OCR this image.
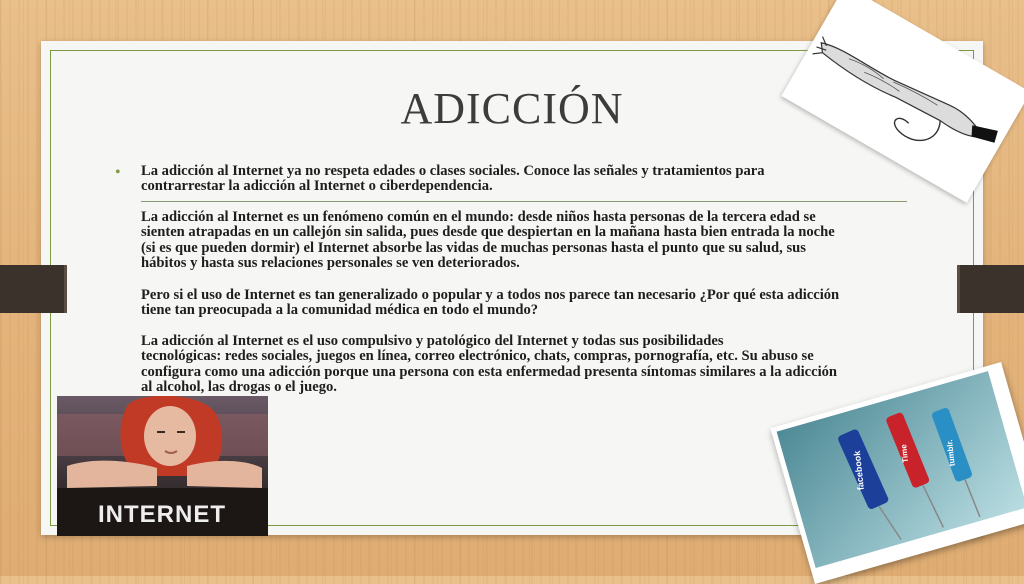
ADICCIÓN
• La adicción al Internet ya no respeta edades o clases sociales. Conoce las señales y tratamientos para
contrarrestar la adicción al Internet o ciberdependencia.

La adicción al Internet es un fenómeno común en el mundo: desde niños hasta personas de la tercera edad se
sienten atrapadas en un callejón sin salida, pues desde que despiertan en la mañana hasta bien entrada la noche
(si es que pueden dormir) el Internet absorbe las vidas de muchas personas hasta el punto que su salud, sus
hábitos y hasta sus relaciones personales se ven deteriorados.

Pero si el uso de Internet es tan generalizado o popular y a todos nos parece tan necesario ¿Por qué esta adicción
tiene tan preocupada a la comunidad médica en todo el mundo?

La adicción al Internet es el uso compulsivo y patológico del Internet y todas sus posibilidades
tecnológicas: redes sociales, juegos en línea, correo electrónico, chats, compras, pornografía, etc. Su abuso se
configura como una adicción porque una persona con esta enfermedad presenta síntomas similares a la adicción
al alcohol, las drogas o el juego.

INTERNET
facebook	Time	tumblr.
